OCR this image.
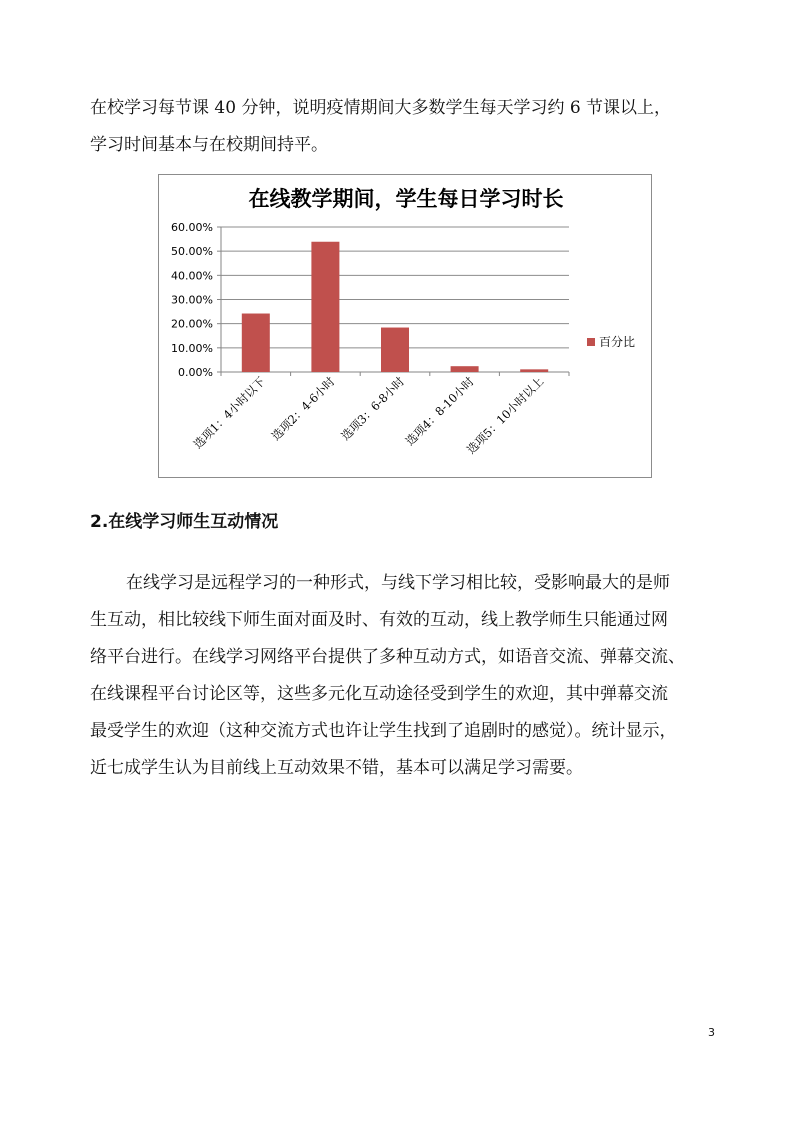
在校学习每节课 40 分钟，说明疫情期间大多数学生每天学习约 6 节课以上，
学习时间基本与在校期间持平。

在线教学期间，学生每日学习时长
0.00%
10.00%
20.00%
30.00%
40.00%
50.00%
60.00%
选项1：4小时以下 选项2：4-6小时 选项3：6-8小时
选项4：8-10小时
选项5：10小时以上
百分比
2.在线学习师生互动情况

在线学习是远程学习的一种形式，与线下学习相比较，受影响最大的是师
生互动，相比较线下师生面对面及时、有效的互动，线上教学师生只能通过网
络平台进行。在线学习网络平台提供了多种互动方式，如语音交流、弹幕交流、
在线课程平台讨论区等，这些多元化互动途径受到学生的欢迎，其中弹幕交流
最受学生的欢迎（这种交流方式也许让学生找到了追剧时的感觉）。统计显示，
近七成学生认为目前线上互动效果不错，基本可以满足学习需要。

3
